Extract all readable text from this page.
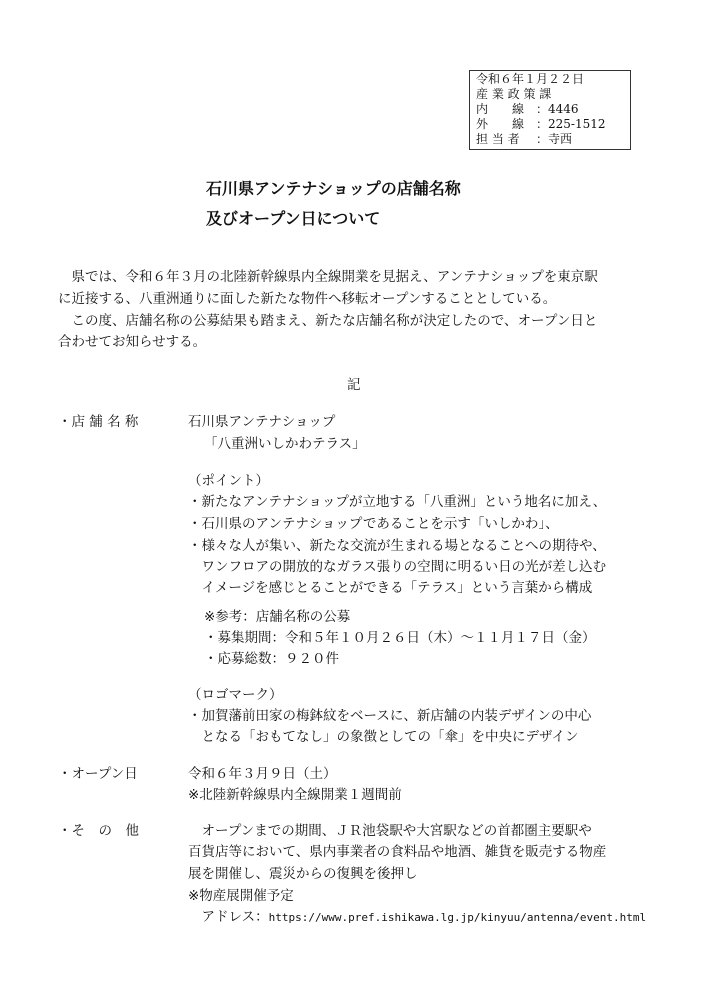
令和６年１月２２日
産 業 政 策 課
内　　線 ：4446
外　　線 ：225-1512
担 当 者 ：寺西
石川県アンテナショップの店舗名称
及びオープン日について
　県では、令和６年３月の北陸新幹線県内全線開業を見据え、アンテナショップを東京駅
に近接する、八重洲通りに面した新たな物件へ移転オープンすることとしている。
　この度、店舗名称の公募結果も踏まえ、新たな店舗名称が決定したので、オープン日と
合わせてお知らせする。
記
・店 舗 名 称	石川県アンテナショップ
「八重洲いしかわテラス」
（ポイント）
・新たなアンテナショップが立地する「八重洲」という地名に加え、
・石川県のアンテナショップであることを示す「いしかわ」、
・様々な人が集い、新たな交流が生まれる場となることへの期待や、
　ワンフロアの開放的なガラス張りの空間に明るい日の光が差し込む
　イメージを感じとることができる「テラス」という言葉から構成
※参考：店舗名称の公募
・募集期間：令和５年１０月２６日（木）～１１月１７日（金）
・応募総数：９２０件
（ロゴマーク）
・加賀藩前田家の梅鉢紋をベースに、新店舗の内装デザインの中心
　となる「おもてなし」の象徴としての「傘」を中央にデザイン
・オープン日	令和６年３月９日（土）
※北陸新幹線県内全線開業１週間前
・そ　の　他	　オープンまでの期間、ＪＲ池袋駅や大宮駅などの首都圏主要駅や
百貨店等において、県内事業者の食料品や地酒、雑貨を販売する物産
展を開催し、震災からの復興を後押し
※物産展開催予定
　アドレス：https://www.pref.ishikawa.lg.jp/kinyuu/antenna/event.html
